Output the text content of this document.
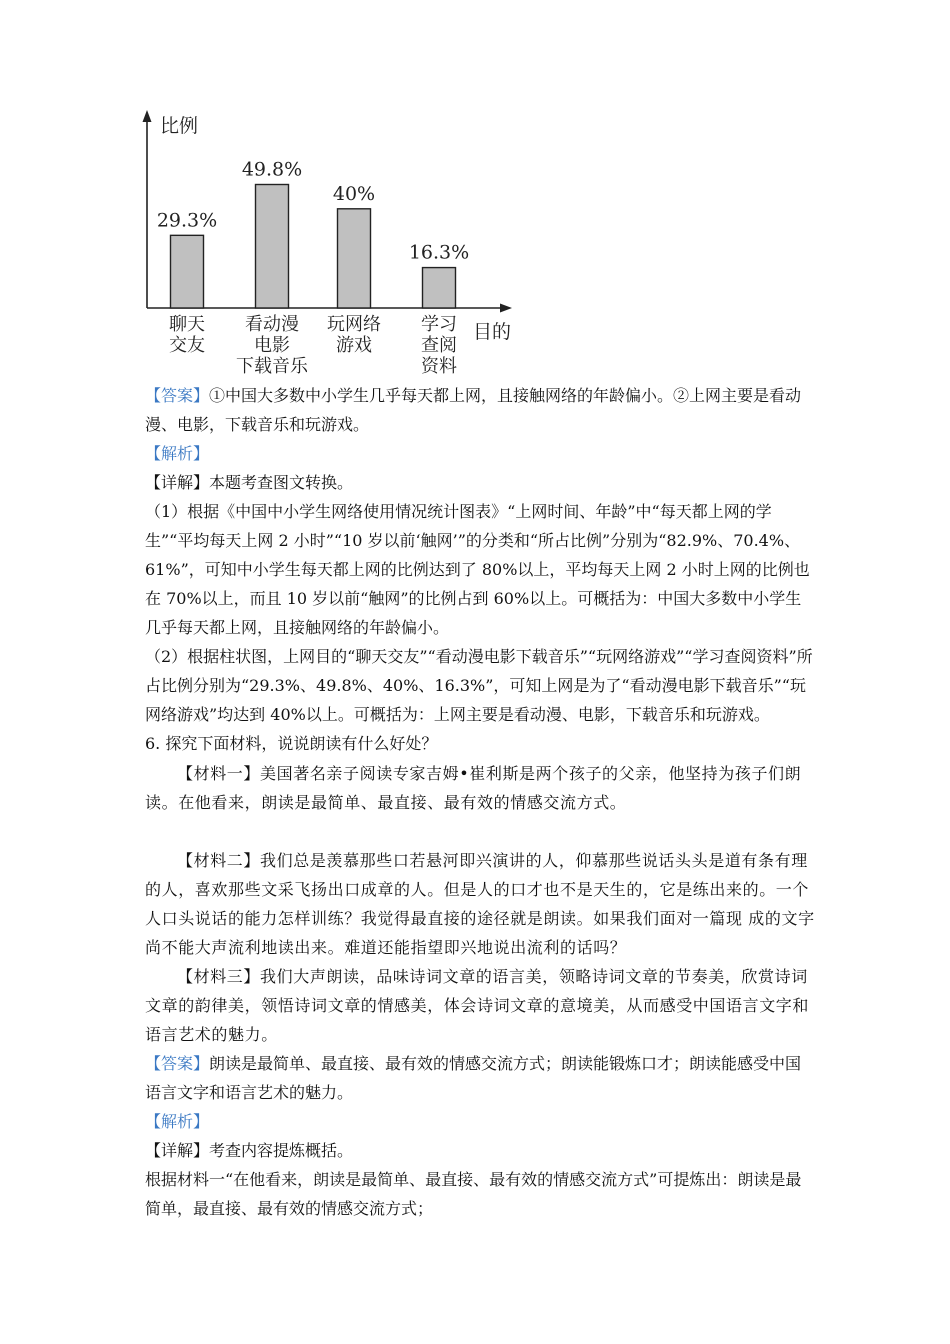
比例
目的
29.3%
聊天
交友
49.8%
看动漫
电影
下载音乐
40%
玩网络
游戏
16.3%
学习
查阅
资料

【答案】①中国大多数中小学生几乎每天都上网，且接触网络的年龄偏小。②上网主要是看动漫、电影，下载音乐和玩游戏。

【解析】

【详解】本题考查图文转换。

（1）根据《中国中小学生网络使用情况统计图表》“上网时间、年龄”中“每天都上网的学生”“平均每天上网 2 小时”“10 岁以前‘触网’”的分类和“所占比例”分别为“82.9%、70.4%、61%”，可知中小学生每天都上网的比例达到了 80%以上，平均每天上网 2 小时上网的比例也在 70%以上，而且 10 岁以前“触网”的比例占到 60%以上。可概括为：中国大多数中小学生几乎每天都上网，且接触网络的年龄偏小。

（2）根据柱状图，上网目的“聊天交友”“看动漫电影下载音乐”“玩网络游戏”“学习查阅资料”所占比例分别为“29.3%、49.8%、40%、16.3%”，可知上网是为了“看动漫电影下载音乐”“玩网络游戏”均达到 40%以上。可概括为：上网主要是看动漫、电影，下载音乐和玩游戏。

6. 探究下面材料，说说朗读有什么好处？

【材料一】美国著名亲子阅读专家吉姆•崔利斯是两个孩子的父亲，他坚持为孩子们朗读。在他看来，朗读是最简单、最直接、最有效的情感交流方式。

【材料二】我们总是羡慕那些口若悬河即兴演讲的人，仰慕那些说话头头是道有条有理的人，喜欢那些文采飞扬出口成章的人。但是人的口才也不是天生的，它是练出来的。一个人口头说话的能力怎样训练？我觉得最直接的途径就是朗读。如果我们面对一篇现 成的文字尚不能大声流利地读出来。难道还能指望即兴地说出流利的话吗？

【材料三】我们大声朗读，品味诗词文章的语言美，领略诗词文章的节奏美，欣赏诗词文章的韵律美，领悟诗词文章的情感美，体会诗词文章的意境美，从而感受中国语言文字和语言艺术的魅力。

【答案】朗读是最简单、最直接、最有效的情感交流方式；朗读能锻炼口才；朗读能感受中国语言文字和语言艺术的魅力。

【解析】

【详解】考查内容提炼概括。

根据材料一“在他看来，朗读是最简单、最直接、最有效的情感交流方式”可提炼出：朗读是最简单，最直接、最有效的情感交流方式；
